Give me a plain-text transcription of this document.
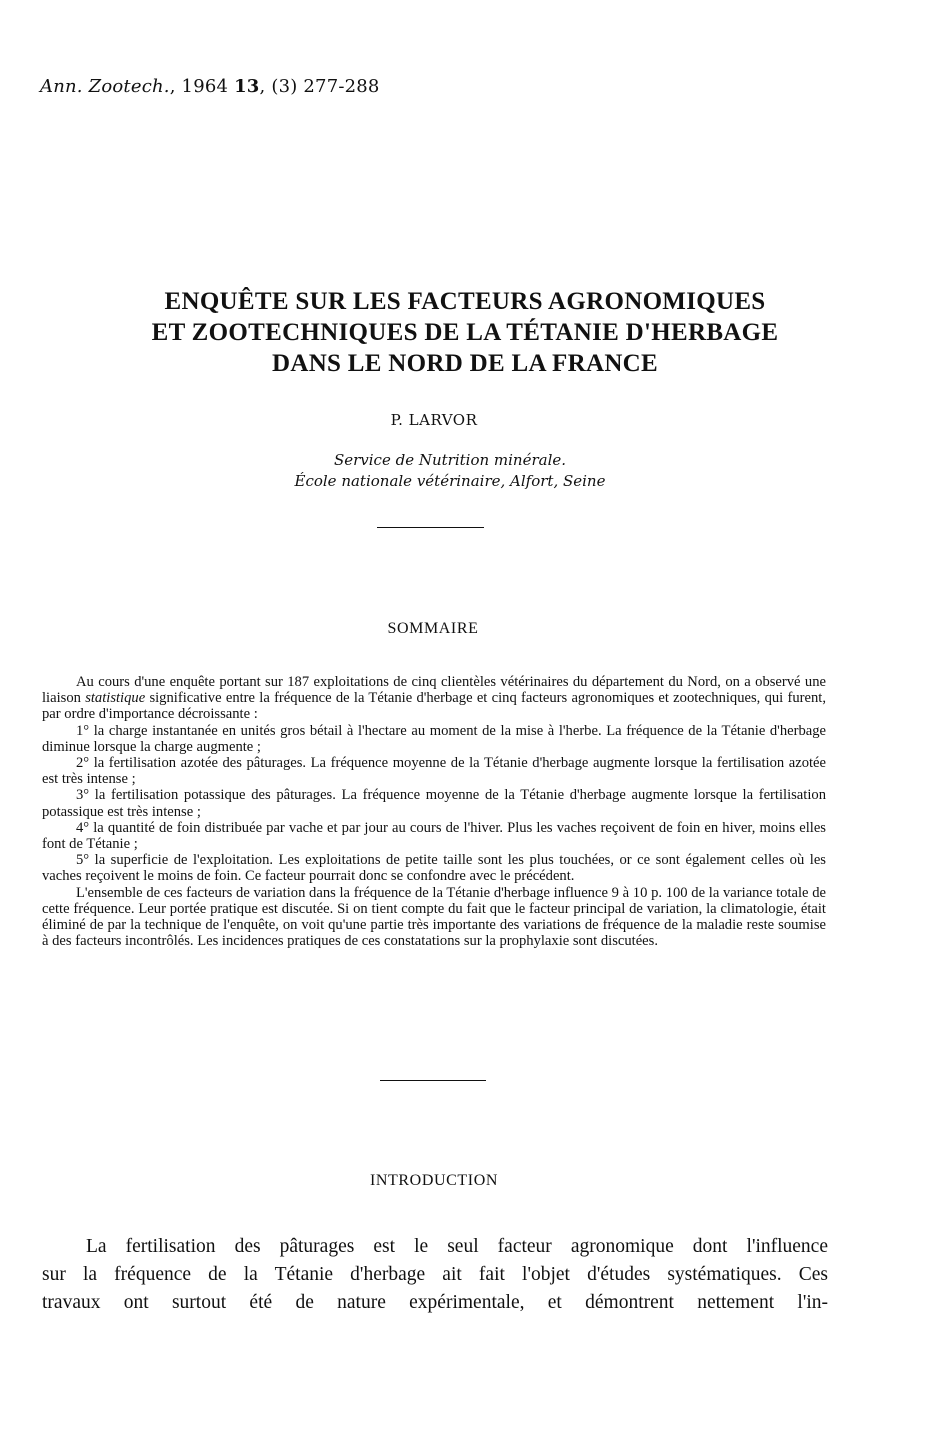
Ann. Zootech., 1964 13, (3) 277-288
ENQUÊTE SUR LES FACTEURS AGRONOMIQUES
ET ZOOTECHNIQUES DE LA TÉTANIE D'HERBAGE
DANS LE NORD DE LA FRANCE
P. LARVOR
Service de Nutrition minérale.
École nationale vétérinaire, Alfort, Seine
SOMMAIRE

Au cours d'une enquête portant sur 187 exploitations de cinq clientèles vétérinaires du département du Nord, on a observé une liaison statistique significative entre la fréquence de la Tétanie d'herbage et cinq facteurs agronomiques et zootechniques, qui furent, par ordre d'importance décroissante :

1° la charge instantanée en unités gros bétail à l'hectare au moment de la mise à l'herbe. La fréquence de la Tétanie d'herbage diminue lorsque la charge augmente ;

2° la fertilisation azotée des pâturages. La fréquence moyenne de la Tétanie d'herbage augmente lorsque la fertilisation azotée est très intense ;

3° la fertilisation potassique des pâturages. La fréquence moyenne de la Tétanie d'herbage augmente lorsque la fertilisation potassique est très intense ;

4° la quantité de foin distribuée par vache et par jour au cours de l'hiver. Plus les vaches reçoivent de foin en hiver, moins elles font de Tétanie ;

5° la superficie de l'exploitation. Les exploitations de petite taille sont les plus touchées, or ce sont également celles où les vaches reçoivent le moins de foin. Ce facteur pourrait donc se confondre avec le précédent.

L'ensemble de ces facteurs de variation dans la fréquence de la Tétanie d'herbage influence 9 à 10 p. 100 de la variance totale de cette fréquence. Leur portée pratique est discutée. Si on tient compte du fait que le facteur principal de variation, la climatologie, était éliminé de par la technique de l'enquête, on voit qu'une partie très importante des variations de fréquence de la maladie reste soumise à des facteurs incontrôlés. Les incidences pratiques de ces constatations sur la prophylaxie sont discutées.

INTRODUCTION
La fertilisation des pâturages est le seul facteur agronomique dont l'influence
sur la fréquence de la Tétanie d'herbage ait fait l'objet d'études systématiques. Ces
travaux ont surtout été de nature expérimentale, et démontrent nettement l'in-
